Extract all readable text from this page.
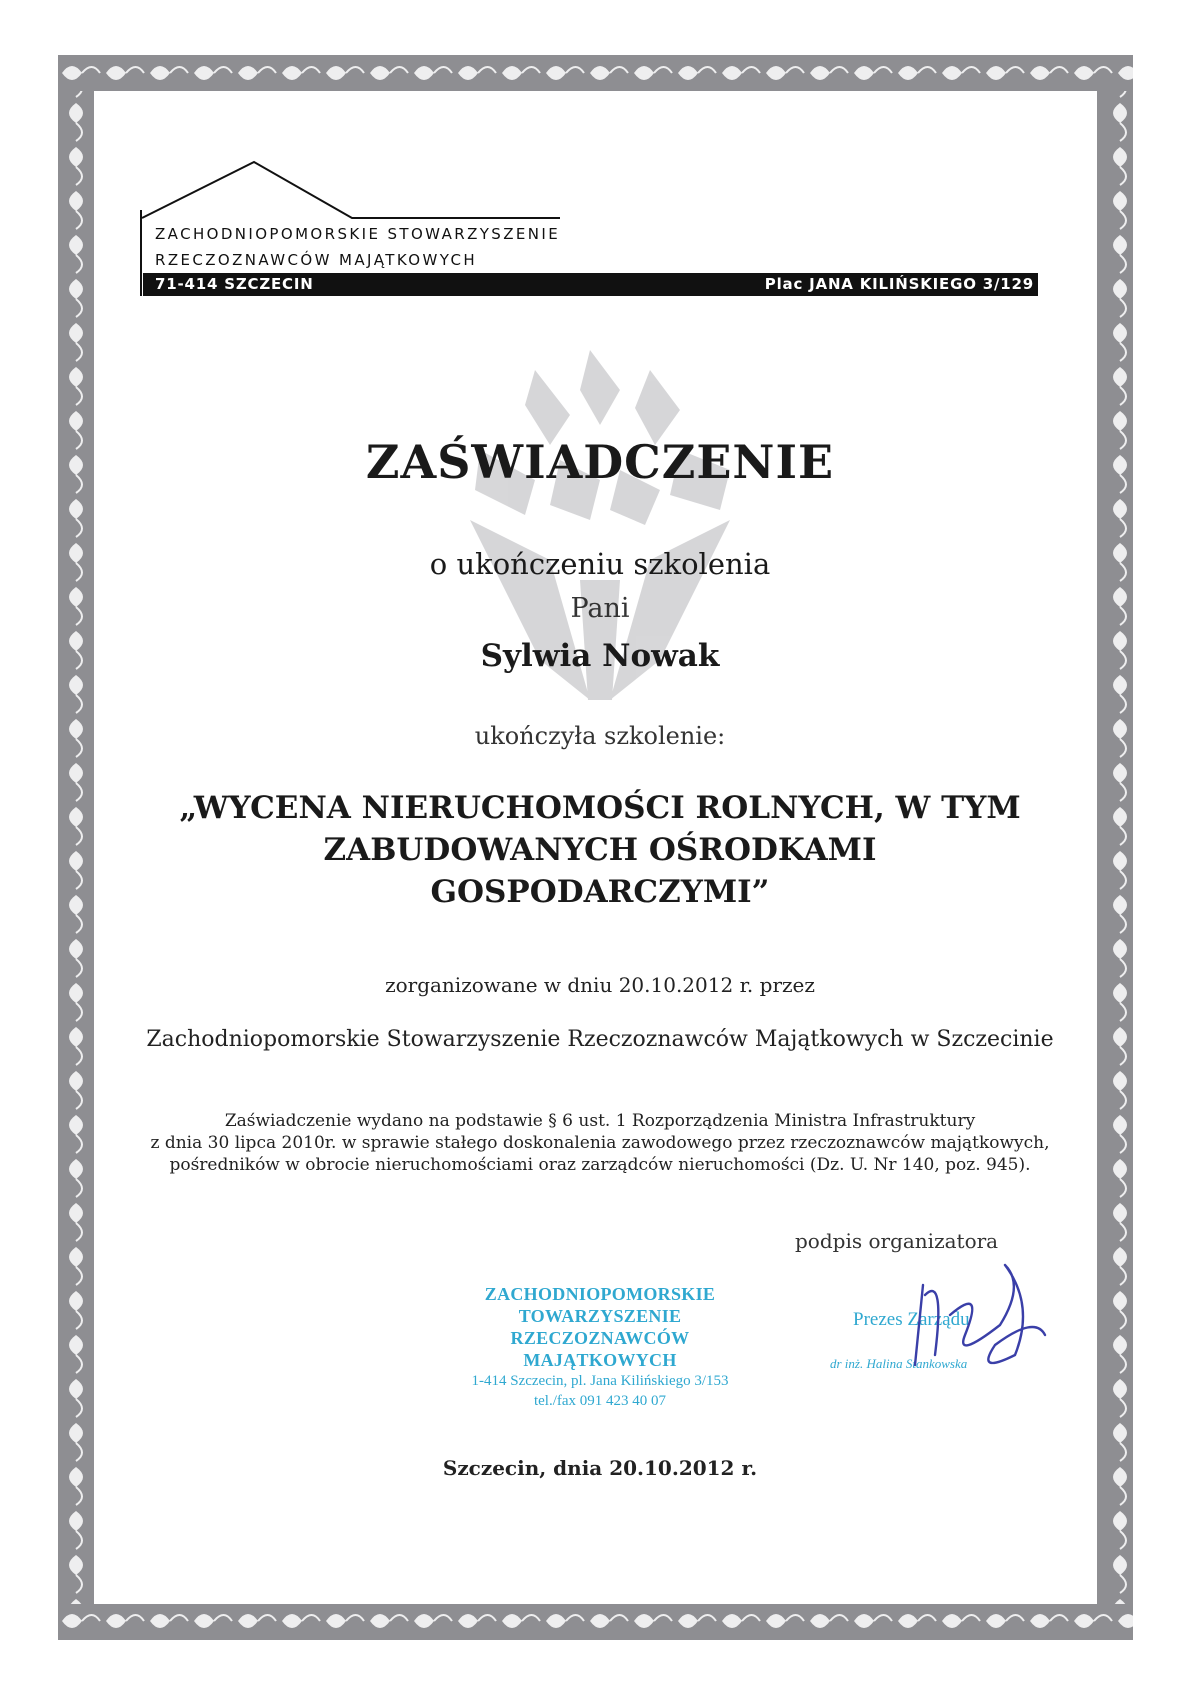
ZACHODNIOPOMORSKIE STOWARZYSZENIE
RZECZOZNAWCÓW MAJĄTKOWYCH
71-414 SZCZECIN	Plac JANA KILIŃSKIEGO 3/129
ZAŚWIADCZENIE
o ukończeniu szkolenia
Pani
Sylwia Nowak
ukończyła szkolenie:
„WYCENA NIERUCHOMOŚCI ROLNYCH, W TYM
ZABUDOWANYCH OŚRODKAMI
GOSPODARCZYMI”
zorganizowane w dniu 20.10.2012 r. przez
Zachodniopomorskie Stowarzyszenie Rzeczoznawców Majątkowych w Szczecinie
Zaświadczenie wydano na podstawie § 6 ust. 1 Rozporządzenia Ministra Infrastruktury
z dnia 30 lipca 2010r. w sprawie stałego doskonalenia zawodowego przez rzeczoznawców majątkowych,
pośredników w obrocie nieruchomościami oraz zarządców nieruchomości (Dz. U. Nr 140, poz. 945).
podpis organizatora
ZACHODNIOPOMORSKIE
TOWARZYSZENIE RZECZOZNAWCÓW
MAJĄTKOWYCH
1-414 Szczecin, pl. Jana Kilińskiego 3/153
tel./fax 091 423 40 07
Prezes Zarządu
dr inż. Halina Stankowska
Szczecin, dnia 20.10.2012 r.
